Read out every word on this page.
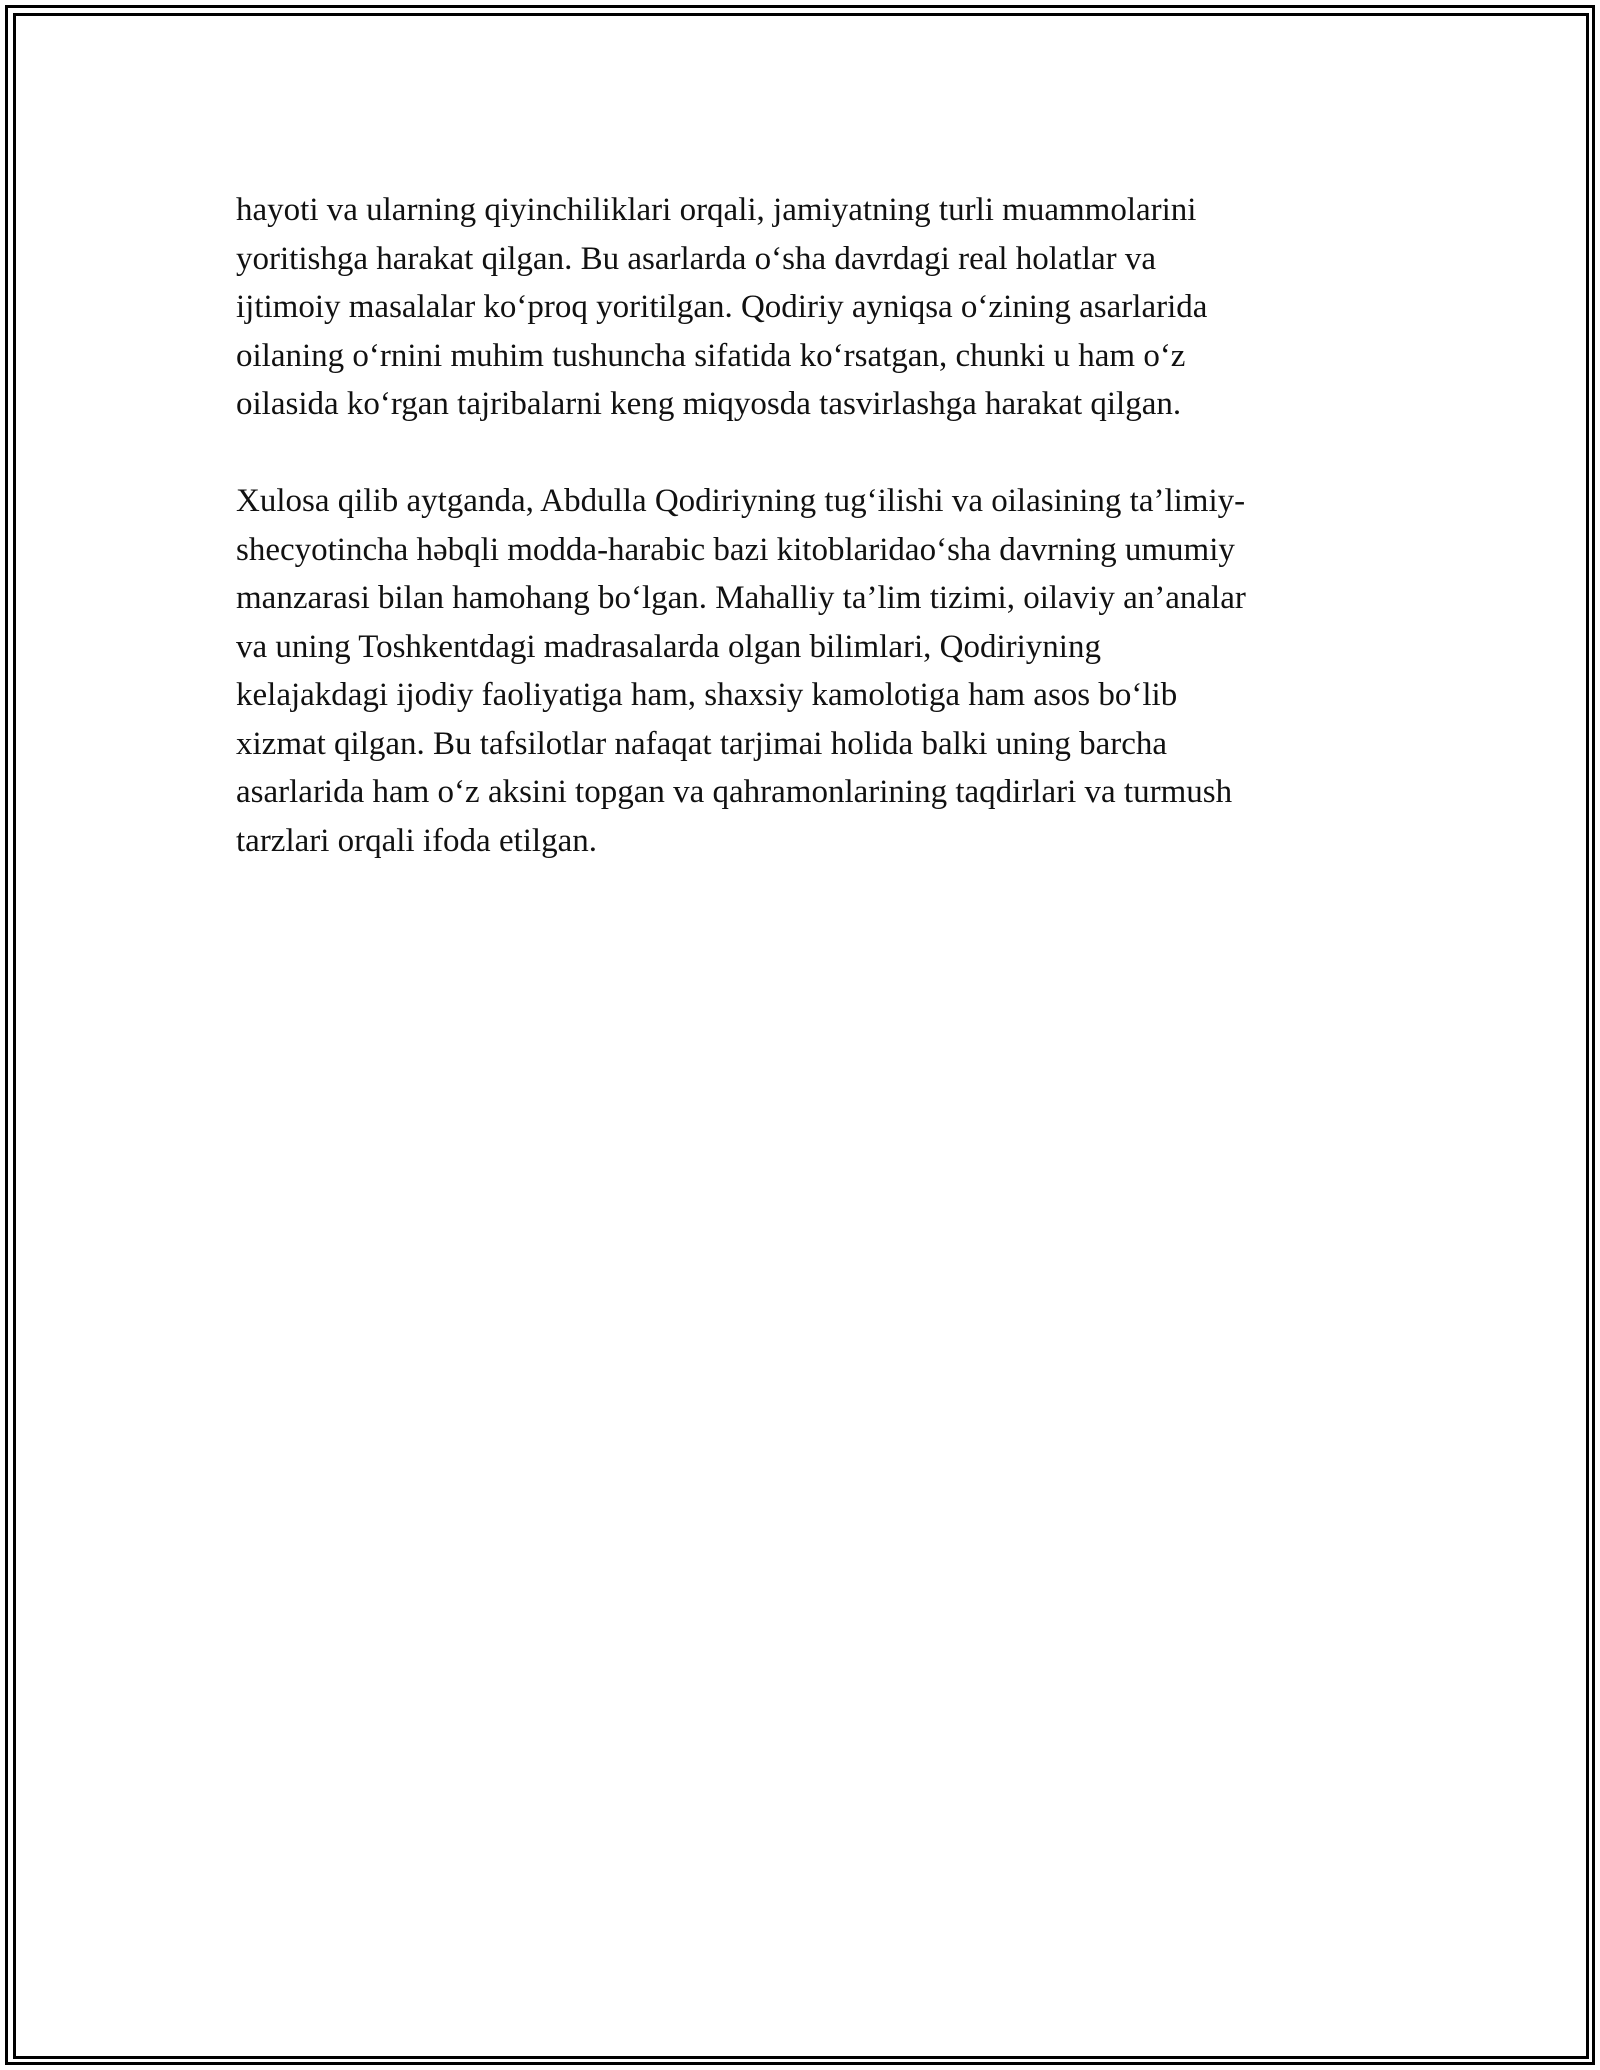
hayoti va ularning qiyinchiliklari orqali, jamiyatning turli muammolarini
yoritishga harakat qilgan. Bu asarlarda o‘sha davrdagi real holatlar va
ijtimoiy masalalar ko‘proq yoritilgan. Qodiriy ayniqsa o‘zining asarlarida
oilaning o‘rnini muhim tushuncha sifatida ko‘rsatgan, chunki u ham o‘z
oilasida ko‘rgan tajribalarni keng miqyosda tasvirlashga harakat qilgan.

Xulosa qilib aytganda, Abdulla Qodiriyning tug‘ilishi va oilasining ta’limiy-
shecyotincha həbqli modda-harabic bazi kitoblaridao‘sha davrning umumiy
manzarasi bilan hamohang bo‘lgan. Mahalliy ta’lim tizimi, oilaviy an’analar
va uning Toshkentdagi madrasalarda olgan bilimlari, Qodiriyning
kelajakdagi ijodiy faoliyatiga ham, shaxsiy kamolotiga ham asos bo‘lib
xizmat qilgan. Bu tafsilotlar nafaqat tarjimai holida balki uning barcha
asarlarida ham o‘z aksini topgan va qahramonlarining taqdirlari va turmush
tarzlari orqali ifoda etilgan.
